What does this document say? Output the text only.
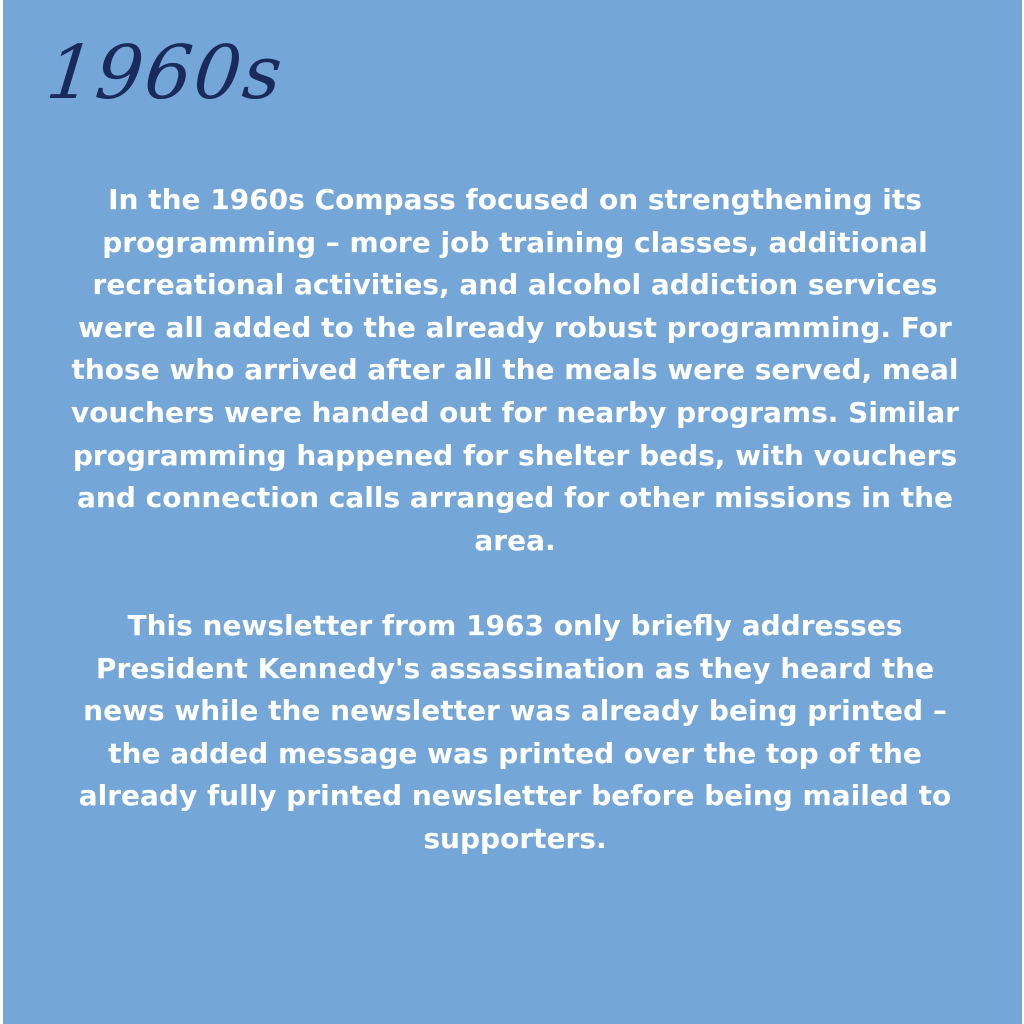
1960s

In the 1960s Compass focused on strengthening its programming – more job training classes, additional recreational activities, and alcohol addiction services were all added to the already robust programming. For those who arrived after all the meals were served, meal vouchers were handed out for nearby programs. Similar programming happened for shelter beds, with vouchers and connection calls arranged for other missions in the area.

This newsletter from 1963 only briefly addresses President Kennedy's assassination as they heard the news while the newsletter was already being printed – the added message was printed over the top of the already fully printed newsletter before being mailed to supporters.
